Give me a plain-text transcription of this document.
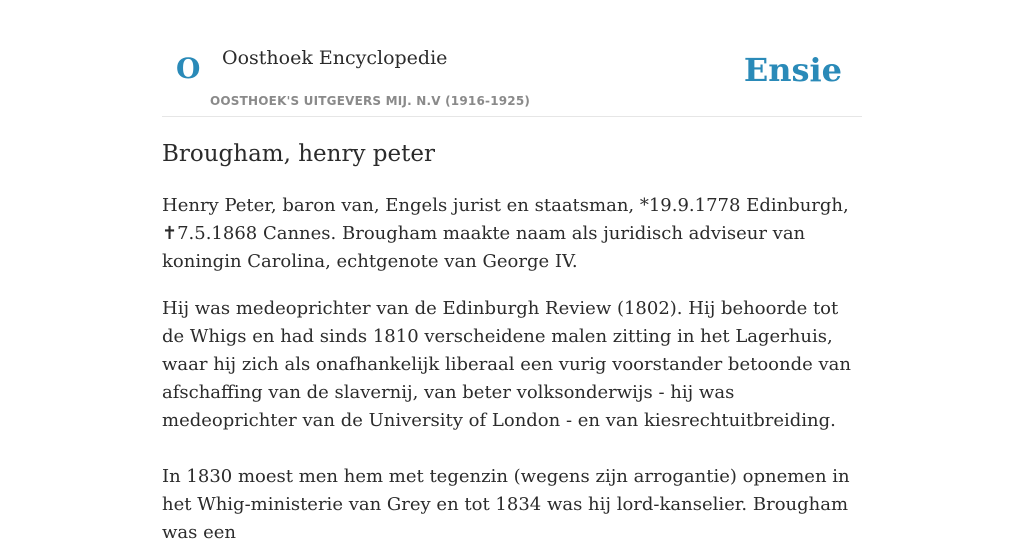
O Oosthoek Encyclopedie
OOSTHOEK'S UITGEVERS MIJ. N.V (1916-1925)
Ensie
Brougham, henry peter

Henry Peter, baron van, Engels jurist en staatsman, *19.9.1778 Edinburgh, ✝7.5.1868 Cannes. Brougham maakte naam als juridisch adviseur van koningin Carolina, echtgenote van George IV.

Hij was medeoprichter van de Edinburgh Review (1802). Hij behoorde tot de Whigs en had sinds 1810 verscheidene malen zitting in het Lagerhuis, waar hij zich als onafhankelijk liberaal een vurig voorstander betoonde van afschaffing van de slavernij, van beter volksonderwijs - hij was medeoprichter van de University of London - en van kiesrechtuitbreiding.

In 1830 moest men hem met tegenzin (wegens zijn arrogantie) opnemen in het Whig-ministerie van Grey en tot 1834 was hij lord-kanselier. Brougham was een
